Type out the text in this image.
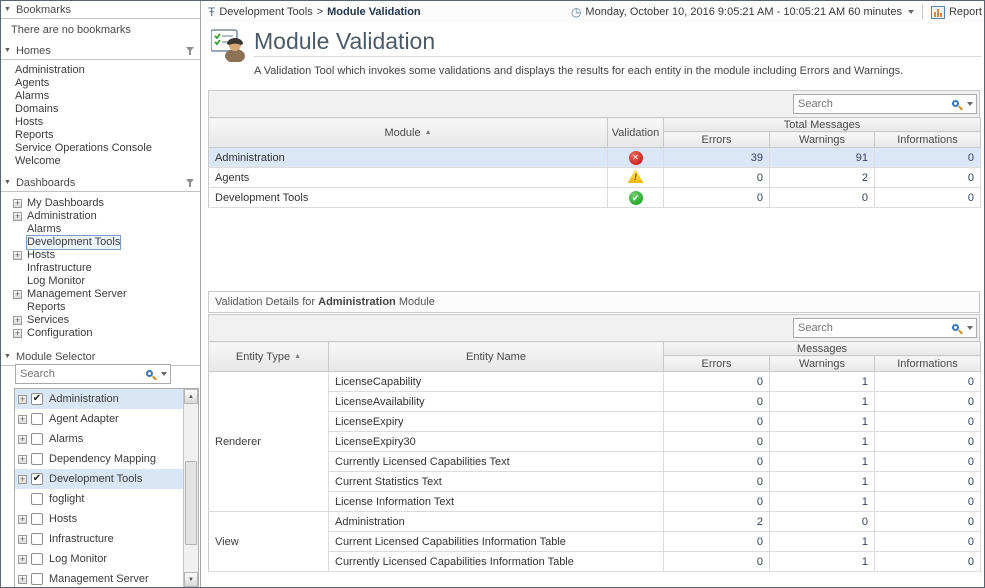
▼ Bookmarks
There are no bookmarks
▼ Homes
Administration
Agents
Alarms
Domains
Hosts
Reports
Service Operations Console
Welcome
▼ Dashboards
+ My Dashboards
+ Administration
Alarms
Development Tools
+ Hosts
Infrastructure
Log Monitor
+ Management Server
Reports
+ Services
+ Configuration
▼ Module Selector
Search
+ ✔ Administration
+ Agent Adapter
+ Alarms
+ Dependency Mapping
+ ✔ Development Tools
foglight
+ Hosts
+ Infrastructure
+ Log Monitor
+ Management Server
▲
▼
Ŧ Development Tools > Module Validation	◷ Monday, October 10, 2016 9:05:21 AM - 10:05:21 AM 60 minutes	Report
Module Validation
A Validation Tool which invokes some validations and displays the results for each entity in the module including Errors and Warnings.
Search
Module ▲	Validation	Total Messages		
		Errors	Warnings	Informations
Administration	✕	39	91	0
Agents	!	0	2	0
Development Tools	✔	0	0	0
Validation Details for Administration Module
Search
Entity Type ▲	Entity Name	Messages		
		Errors	Warnings	Informations
Renderer	LicenseCapability	0	1	0
	LicenseAvailability	0	1	0
	LicenseExpiry	0	1	0
	LicenseExpiry30	0	1	0
	Currently Licensed Capabilities Text	0	1	0
	Current Statistics Text	0	1	0
	License Information Text	0	1	0
View	Administration	2	0	0
	Current Licensed Capabilities Information Table	0	1	0
	Currently Licensed Capabilities Information Table	0	1	0
